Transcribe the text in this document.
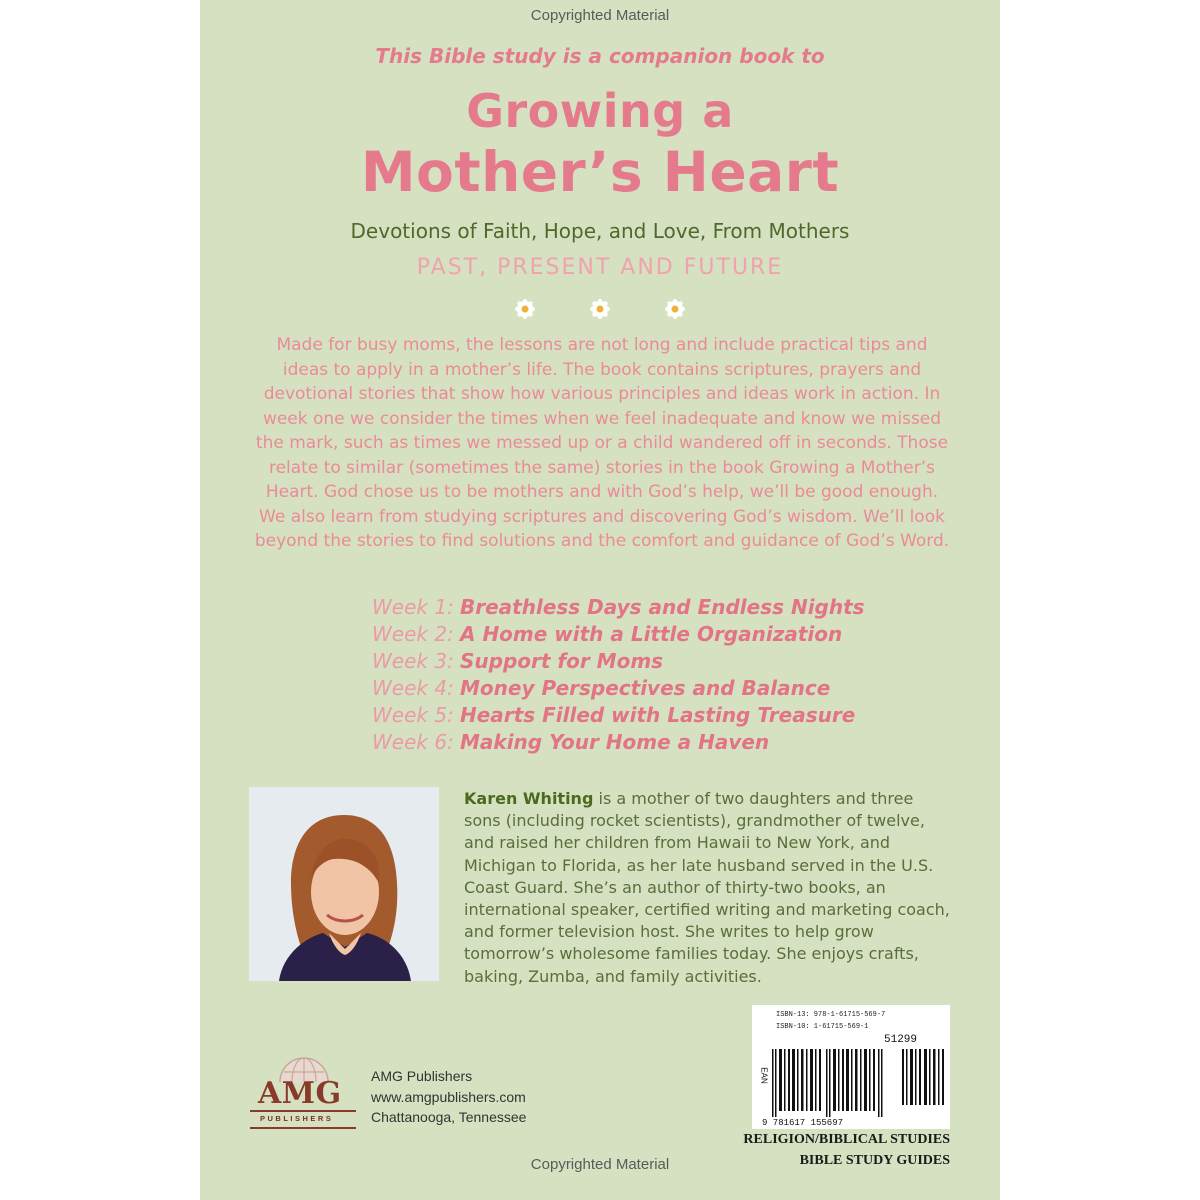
Copyrighted Material
This Bible study is a companion book to
Growing a
Mother’s Heart
Devotions of Faith, Hope, and Love, From Mothers
PAST, PRESENT AND FUTURE

Made for busy moms, the lessons are not long and include practical tips and ideas to apply in a mother’s life. The book contains scriptures, prayers and devotional stories that show how various principles and ideas work in action. In week one we consider the times when we feel inadequate and know we missed the mark, such as times we messed up or a child wandered off in seconds. Those relate to similar (sometimes the same) stories in the book Growing a Mother’s Heart. God chose us to be mothers and with God’s help, we’ll be good enough. We also learn from studying scriptures and discovering God’s wisdom. We’ll look beyond the stories to find solutions and the comfort and guidance of God’s Word.

Week 1: Breathless Days and Endless Nights
Week 2: A Home with a Little Organization
Week 3: Support for Moms
Week 4: Money Perspectives and Balance
Week 5: Hearts Filled with Lasting Treasure
Week 6: Making Your Home a Haven

Karen Whiting is a mother of two daughters and three sons (including rocket scientists), grandmother of twelve, and raised her children from Hawaii to New York, and Michigan to Florida, as her late husband served in the U.S. Coast Guard. She’s an author of thirty-two books, an international speaker, certified writing and marketing coach, and former television host. She writes to help grow tomorrow’s wholesome families today. She enjoys crafts, baking, Zumba, and family activities.

ISBN-13: 978-1-61715-569-7
ISBN-10: 1-61715-569-1
51299
EAN
9 781617 155697
RELIGION/BIBLICAL STUDIES
BIBLE STUDY GUIDES
AMG
PUBLISHERS
AMG Publishers
www.amgpublishers.com
Chattanooga, Tennessee
Copyrighted Material
